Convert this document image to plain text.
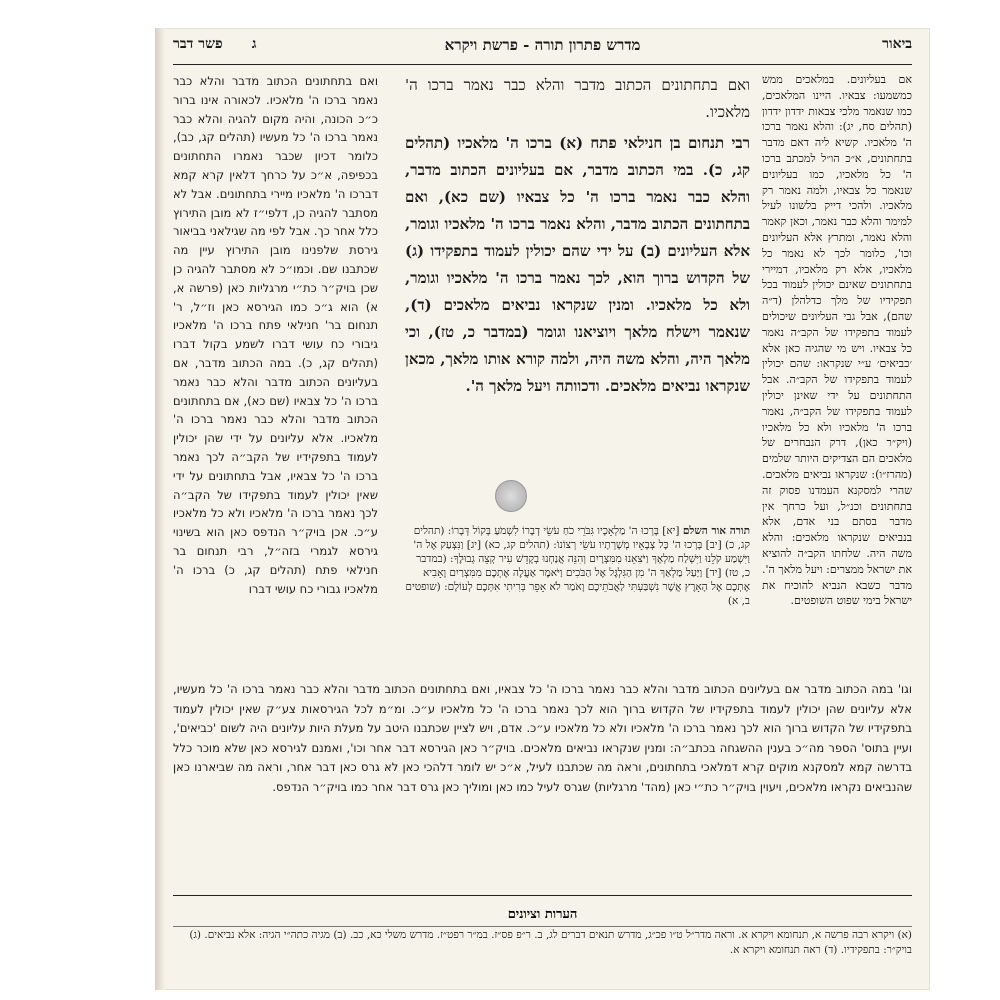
ביאור
מדרש פתרון תורה - פרשת ויקרא
ג      פשר דבר

אם בעליונים. במלאכים ממש כמשמעו: צבאיו. היינו המלאכים, כמו שנאמר מלכי צבאות ידדון ידדון (תהלים סח, יג): והלא נאמר ברכו ה' מלאכיו. קשיא ליה דאם מדבר בתחתונים, א״כ הו״ל למכתב ברכו ה' כל מלאכיו, כמו בעליונים שנאמר כל צבאיו, ולמה נאמר רק מלאכיו. ולהכי דייק בלשונו לעיל למימר והלא כבר נאמר, וכאן קאמר והלא נאמר, ומתרץ אלא העליונים וכו', כלומר לכך לא נאמר כל מלאכיו, אלא רק מלאכיו, דמיירי בתחתונים שאינם יכולין לעמוד בכל תפקידיו של מלך כדלהלן (ד״ה שהם), אבל גבי העליונים שיכולים לעמוד בתפקידו של הקב״ה נאמר כל צבאיו. ויש מי שהגיה כאן אלא ׳כביאים׳ ע״י שנקראו: שהם יכולין לעמוד בתפקידו של הקב״ה. אבל התחתונים על ידי שאינן יכולין לעמוד בתפקידו של הקב״ה, נאמר ברכו ה' מלאכיו ולא כל מלאכיו (ויק״ר כאן), דרק הנבחרים של מלאכים הם הצדיקים היותר שלמים (מהרז״ו): שנקראו נביאים מלאכים. שהרי למסקנא העמדנו פסוק זה בתחתונים וכנ״ל, ועל כרחך אין מדבר בסתם בני אדם, אלא בנביאים שנקראו מלאכים: והלא משה היה. שלחתו הקב״ה להוציא את ישראל ממצרים: ויעל מלאך ה'. מדבר כשבא הנביא להוכיח את ישראל בימי שפוט השופטים.

ואם בתחתונים הכתוב מדבר והלא כבר נאמר ברכו ה' מלאכיו.

רבי תנחום בן חנילאי פתח (א) ברכו ה' מלאכיו (תהלים קג, כ). במי הכתוב מדבר, אם בעליונים הכתוב מדבר, והלא כבר נאמר ברכו ה' כל צבאיו (שם כא), ואם בתחתונים הכתוב מדבר, והלא נאמר ברכו ה' מלאכיו וגומר, אלא העליונים (ב) על ידי שהם יכולין לעמוד בתפקידו (ג) של הקדוש ברוך הוא, לכך נאמר ברכו ה' מלאכיו וגומר, ולא כל מלאכיו. ומנין שנקראו נביאים מלאכים (ד), שנאמר וישלח מלאך ויוציאנו וגומר (במדבר כ, טז), וכי מלאך היה, והלא משה היה, ולמה קורא אותו מלאך, מכאן שנקראו נביאים מלאכים. ודכוותה ויעל מלאך ה'.

תורה אור השלם [יא] בָּרְכוּ ה' מַלְאָכָיו גִּבֹּרֵי כֹחַ עֹשֵׂי דְבָרוֹ לִשְׁמֹעַ בְּקוֹל דְּבָרוֹ: (תהלים קג, כ) [יב] בָּרְכוּ ה' כָּל צְבָאָיו מְשָׁרְתָיו עֹשֵׂי רְצוֹנוֹ: (תהלים קג, כא) [יג] וַנִּצְעַק אֶל ה' וַיִּשְׁמַע קֹלֵנוּ וַיִּשְׁלַח מַלְאָךְ וַיֹּצִאֵנוּ מִמִּצְרָיִם וְהִנֵּה אֲנַחְנוּ בְקָדֵשׁ עִיר קְצֵה גְבוּלֶךָ: (במדבר כ, טז) [יד] וַיַּעַל מַלְאַךְ ה' מִן הַגִּלְגָּל אֶל הַבֹּכִים וַיֹּאמֶר אַעֲלֶה אֶתְכֶם מִמִּצְרַיִם וָאָבִיא אֶתְכֶם אֶל הָאָרֶץ אֲשֶׁר נִשְׁבַּעְתִּי לַאֲבֹתֵיכֶם וָאֹמַר לֹא אָפֵר בְּרִיתִי אִתְּכֶם לְעוֹלָם: (שופטים ב, א)

ואם בתחתונים הכתוב מדבר והלא כבר נאמר ברכו ה' מלאכיו. לכאורה אינו ברור כ״כ הכונה, והיה מקום להגיה והלא כבר נאמר ברכו ה' כל מעשיו (תהלים קג, כב), כלומר דכיון שכבר נאמרו התחתונים בכפיפה, א״כ על כרחך דלאין קרא קמא דברכו ה' מלאכיו מיירי בתחתונים. אבל לא מסתבר להגיה כן, דלפי״ז לא מובן התירוץ כלל אחר כך. אבל לפי מה שגילאני בביאור גירסת שלפנינו מובן התירוץ עיין מה שכתבנו שם. וכמו״כ לא מסתבר להגיה כן שכן בויק״ר כת״י מרגליות כאן (פרשה א, א) הוא ג״כ כמו הגירסא כאן וז״ל, ר' תנחום בר' חנילאי פתח ברכו ה' מלאכיו גיבורי כח עושי דברו לשמע בקול דברו (תהלים קג, כ). במה הכתוב מדבר, אם בעליונים הכתוב מדבר והלא כבר נאמר ברכו ה' כל צבאיו (שם כא), אם בתחתונים הכתוב מדבר והלא כבר נאמר ברכו ה' מלאכיו. אלא עליונים על ידי שהן יכולין לעמוד בתפקידיו של הקב״ה לכך נאמר ברכו ה' כל צבאיו, אבל בתחתונים על ידי שאין יכולין לעמוד בתפקידו של הקב״ה לכך נאמר ברכו ה' מלאכיו ולא כל מלאכיו ע״כ. אכן בויק״ר הנדפס כאן הוא בשינוי גירסא לגמרי בזה״ל, רבי תנחום בר חנילאי פתח (תהלים קג, כ) ברכו ה' מלאכיו גבורי כח עושי דברו

וגו' במה הכתוב מדבר אם בעליונים הכתוב מדבר והלא כבר נאמר ברכו ה' כל צבאיו, ואם בתחתונים הכתוב מדבר והלא כבר נאמר ברכו ה' כל מעשיו, אלא עליונים שהן יכולין לעמוד בתפקידיו של הקדוש ברוך הוא לכך נאמר ברכו ה' כל מלאכיו ע״כ. ומ״מ לכל הגירסאות צע״ק שאין יכולין לעמוד בתפקידיו של הקדוש ברוך הוא לכך נאמר ברכו ה' מלאכיו ולא כל מלאכיו ע״כ. אדם, ויש לציין שכתבנו היטב על מעלת היות עליונים היה לשום 'כביאים', ועיין בתוס' הספר מה״כ בענין ההשגחה בכתב״ה: ומנין שנקראו נביאים מלאכים. בויק״ר כאן הגירסא דבר אחר וכו', ואמנם לגירסא כאן שלא מוכר כלל בדרשה קמא למסקנא מוקים קרא דמלאכי בתחתונים, וראה מה שכתבנו לעיל, א״כ יש לומר דלהכי כאן לא גרס כאן דבר אחר, וראה מה שביארנו כאן שהנביאים נקראו מלאכים, ויעוין בויק״ר כת״י כאן (מהד' מרגליות) שגרס לעיל כמו כאן ומוליך כאן גרס דבר אחר כמו בויק״ר הנדפס.

הערות וציונים
(א) ויקרא רבה פרשה א, תנחומא ויקרא א. וראה מדר״ל ט״ו פכ״ג, מדרש תנאים דברים לג, ב. ר״פ פס״ז. במ״ר רפט״ז. מדרש משלי כא, כב. (ב) מגיה כתה״י הגיה: אלא נביאים. (ג) בויק״ר: בתפקידיו. (ד) ראה תנחומא ויקרא א.
